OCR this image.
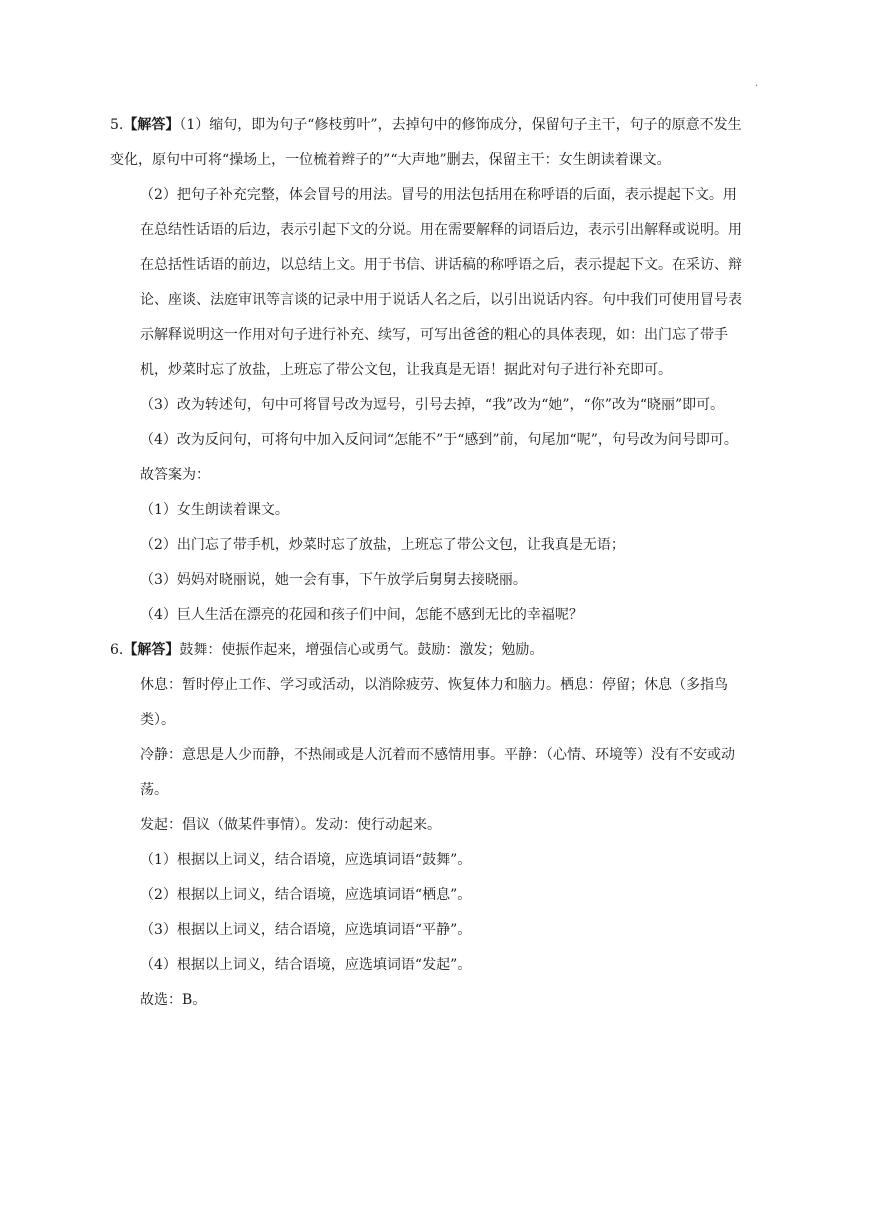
.

5.【解答】（1）缩句，即为句子“修枝剪叶”，去掉句中的修饰成分，保留句子主干，句子的原意不发生变化，原句中可将“操场上，一位梳着辫子的”“大声地”删去，保留主干：女生朗读着课文。

（2）把句子补充完整，体会冒号的用法。冒号的用法包括用在称呼语的后面，表示提起下文。用在总结性话语的后边，表示引起下文的分说。用在需要解释的词语后边，表示引出解释或说明。用在总括性话语的前边，以总结上文。用于书信、讲话稿的称呼语之后，表示提起下文。在采访、辩论、座谈、法庭审讯等言谈的记录中用于说话人名之后，以引出说话内容。句中我们可使用冒号表示解释说明这一作用对句子进行补充、续写，可写出爸爸的粗心的具体表现，如：出门忘了带手机，炒菜时忘了放盐，上班忘了带公文包，让我真是无语！据此对句子进行补充即可。

（3）改为转述句，句中可将冒号改为逗号，引号去掉，“我”改为“她”，“你”改为“晓丽”即可。

（4）改为反问句，可将句中加入反问词“怎能不”于“感到”前，句尾加“呢”，句号改为问号即可。

故答案为：

（1）女生朗读着课文。

（2）出门忘了带手机，炒菜时忘了放盐，上班忘了带公文包，让我真是无语；

（3）妈妈对晓丽说，她一会有事，下午放学后舅舅去接晓丽。

（4）巨人生活在漂亮的花园和孩子们中间，怎能不感到无比的幸福呢？

6.【解答】鼓舞：使振作起来，增强信心或勇气。鼓励：激发；勉励。

休息：暂时停止工作、学习或活动，以消除疲劳、恢复体力和脑力。栖息：停留；休息（多指鸟类）。

冷静：意思是人少而静，不热闹或是人沉着而不感情用事。平静：（心情、环境等）没有不安或动荡。

发起：倡议（做某件事情）。发动：使行动起来。

（1）根据以上词义，结合语境，应选填词语“鼓舞”。

（2）根据以上词义，结合语境，应选填词语“栖息”。

（3）根据以上词义，结合语境，应选填词语“平静”。

（4）根据以上词义，结合语境，应选填词语“发起”。

故选：B。
